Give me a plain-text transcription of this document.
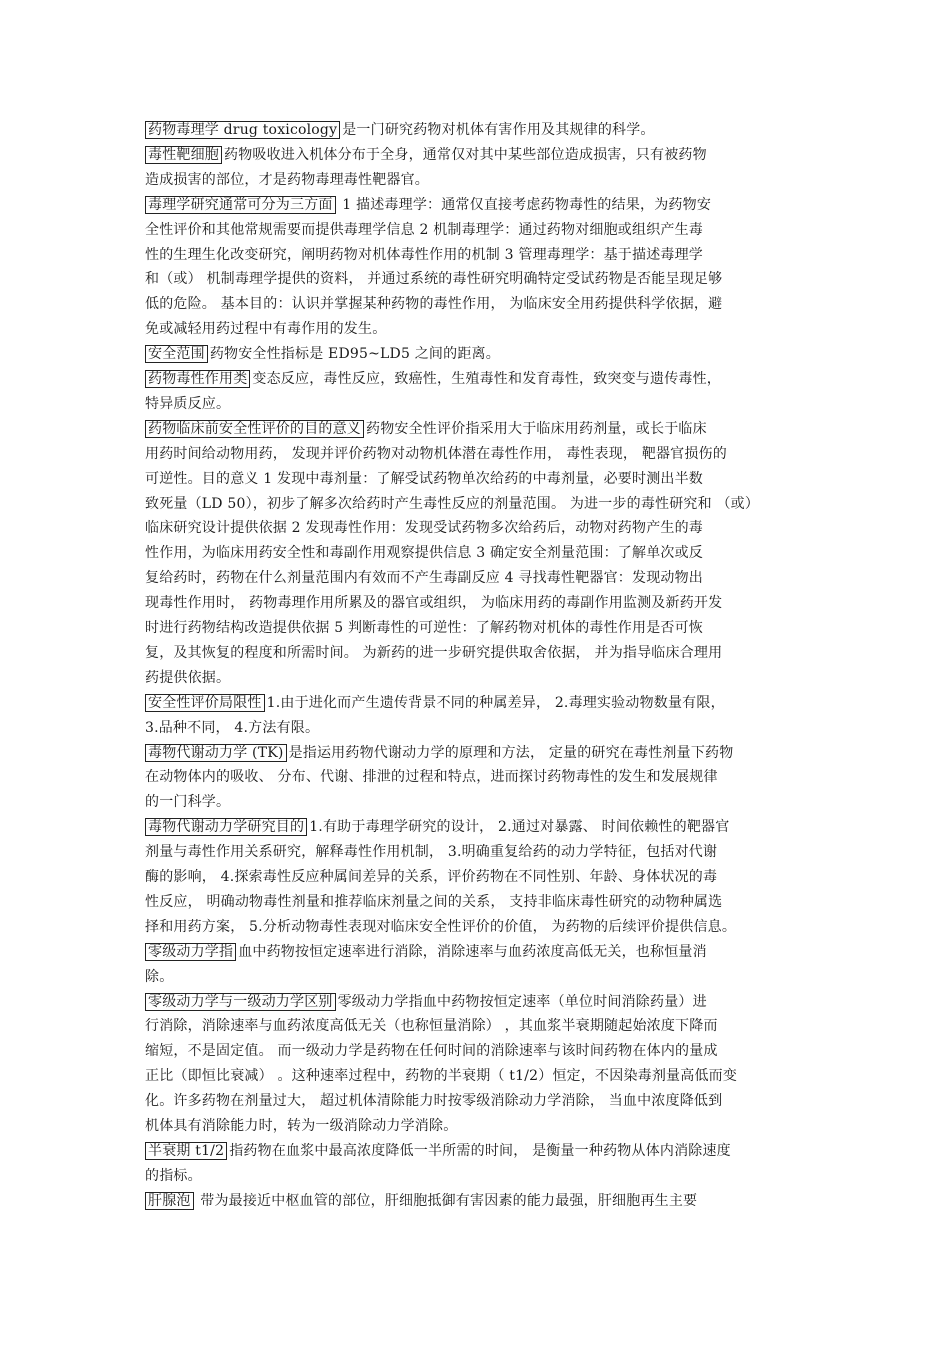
药物毒理学 drug toxicology 是一门研究药物对机体有害作用及其规律的科学。
毒性靶细胞 药物吸收进入机体分布于全身，通常仅对其中某些部位造成损害，只有被药物
造成损害的部位，才是药物毒理毒性靶器官。
毒理学研究通常可分为三方面 1 描述毒理学：通常仅直接考虑药物毒性的结果，为药物安
全性评价和其他常规需要而提供毒理学信息 2 机制毒理学：通过药物对细胞或组织产生毒
性的生理生化改变研究，阐明药物对机体毒性作用的机制 3 管理毒理学：基于描述毒理学
和（或） 机制毒理学提供的资料， 并通过系统的毒性研究明确特定受试药物是否能呈现足够
低的危险。 基本目的：认识并掌握某种药物的毒性作用， 为临床安全用药提供科学依据，避
免或减轻用药过程中有毒作用的发生。
安全范围 药物安全性指标是 ED95~LD5 之间的距离。
药物毒性作用类 变态反应，毒性反应，致癌性，生殖毒性和发育毒性，致突变与遗传毒性，
特异质反应。
药物临床前安全性评价的目的意义 药物安全性评价指采用大于临床用药剂量，或长于临床
用药时间给动物用药， 发现并评价药物对动物机体潜在毒性作用， 毒性表现， 靶器官损伤的
可逆性。目的意义 1 发现中毒剂量：了解受试药物单次给药的中毒剂量，必要时测出半数
致死量（LD 50），初步了解多次给药时产生毒性反应的剂量范围。 为进一步的毒性研究和 （或）
临床研究设计提供依据 2 发现毒性作用：发现受试药物多次给药后，动物对药物产生的毒
性作用，为临床用药安全性和毒副作用观察提供信息 3 确定安全剂量范围：了解单次或反
复给药时，药物在什么剂量范围内有效而不产生毒副反应 4 寻找毒性靶器官：发现动物出
现毒性作用时， 药物毒理作用所累及的器官或组织， 为临床用药的毒副作用监测及新药开发
时进行药物结构改造提供依据 5 判断毒性的可逆性：了解药物对机体的毒性作用是否可恢
复，及其恢复的程度和所需时间。 为新药的进一步研究提供取舍依据， 并为指导临床合理用
药提供依据。
安全性评价局限性 1.由于进化而产生遗传背景不同的种属差异， 2.毒理实验动物数量有限，
3.品种不同， 4.方法有限。
毒物代谢动力学 (TK) 是指运用药物代谢动力学的原理和方法， 定量的研究在毒性剂量下药物
在动物体内的吸收、 分布、代谢、排泄的过程和特点，进而探讨药物毒性的发生和发展规律
的一门科学。
毒物代谢动力学研究目的 1.有助于毒理学研究的设计， 2.通过对暴露、 时间依赖性的靶器官
剂量与毒性作用关系研究，解释毒性作用机制， 3.明确重复给药的动力学特征，包括对代谢
酶的影响， 4.探索毒性反应种属间差异的关系，评价药物在不同性别、年龄、身体状况的毒
性反应， 明确动物毒性剂量和推荐临床剂量之间的关系， 支持非临床毒性研究的动物种属选
择和用药方案， 5.分析动物毒性表现对临床安全性评价的价值， 为药物的后续评价提供信息。
零级动力学指 血中药物按恒定速率进行消除，消除速率与血药浓度高低无关，也称恒量消
除。
零级动力学与一级动力学区别 零级动力学指血中药物按恒定速率（单位时间消除药量）进
行消除，消除速率与血药浓度高低无关（也称恒量消除） ，其血浆半衰期随起始浓度下降而
缩短，不是固定值。 而一级动力学是药物在任何时间的消除速率与该时间药物在体内的量成
正比（即恒比衰减） 。这种速率过程中，药物的半衰期（ t1/2）恒定，不因染毒剂量高低而变
化。许多药物在剂量过大， 超过机体清除能力时按零级消除动力学消除， 当血中浓度降低到
机体具有消除能力时，转为一级消除动力学消除。
半衰期 t1/2 指药物在血浆中最高浓度降低一半所需的时间， 是衡量一种药物从体内消除速度
的指标。
肝腺泡 带为最接近中枢血管的部位，肝细胞抵御有害因素的能力最强，肝细胞再生主要
